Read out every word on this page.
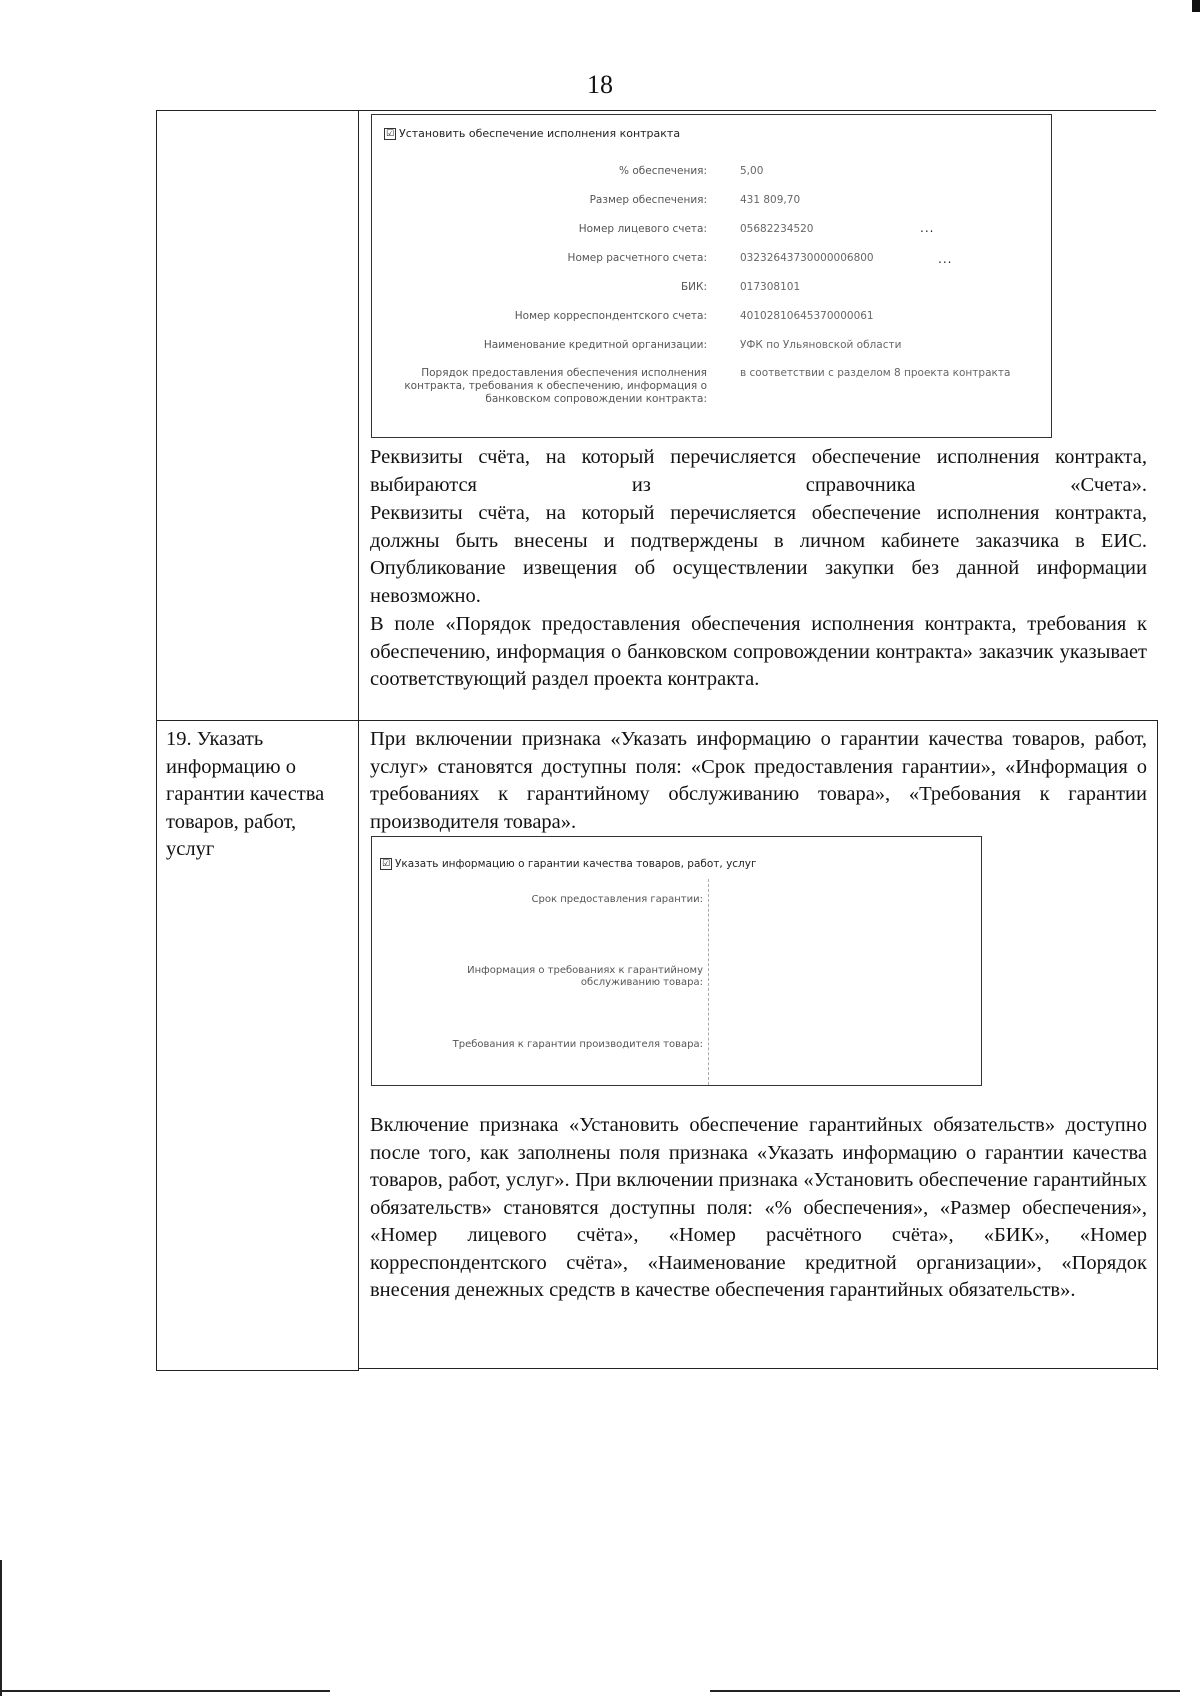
18
☑ Установить обеспечение исполнения контракта
% обеспечения:	5,00
Размер обеспечения:	431 809,70
Номер лицевого счета:	05682234520	...
Номер расчетного счета:	03232643730000006800	...
БИК:	017308101
Номер корреспондентского счета:	40102810645370000061
Наименование кредитной организации:	УФК по Ульяновской области
Порядок предоставления обеспечения исполнения контракта, требования к обеспечению, информация о банковском сопровождении контракта:
в соответствии с разделом 8 проекта контракта

Реквизиты счёта, на который перечисляется обеспечение исполнения контракта, выбираются из справочника «Счета».

Реквизиты счёта, на который перечисляется обеспечение исполнения контракта, должны быть внесены и подтверждены в личном кабинете заказчика в ЕИС. Опубликование извещения об осуществлении закупки без данной информации невозможно.

В поле «Порядок предоставления обеспечения исполнения контракта, требования к обеспечению, информация о банковском сопровождении контракта» заказчик указывает соответствующий раздел проекта контракта.

19. Указать информацию о гарантии качества товаров, работ, услуг

При включении признака «Указать информацию о гарантии качества товаров, работ, услуг» становятся доступны поля: «Срок предоставления гарантии», «Информация о требованиях к гарантийному обслуживанию товара», «Требования к гарантии производителя товара».

☑ Указать информацию о гарантии качества товаров, работ, услуг
Срок предоставления гарантии:
Информация о требованиях к гарантийному обслуживанию товара:
Требования к гарантии производителя товара:

Включение признака «Установить обеспечение гарантийных обязательств» доступно после того, как заполнены поля признака «Указать информацию о гарантии качества товаров, работ, услуг». При включении признака «Установить обеспечение гарантийных обязательств» становятся доступны поля: «% обеспечения», «Размер обеспечения», «Номер лицевого счёта», «Номер расчётного счёта», «БИК», «Номер корреспондентского счёта», «Наименование кредитной организации», «Порядок внесения денежных средств в качестве обеспечения гарантийных обязательств».
